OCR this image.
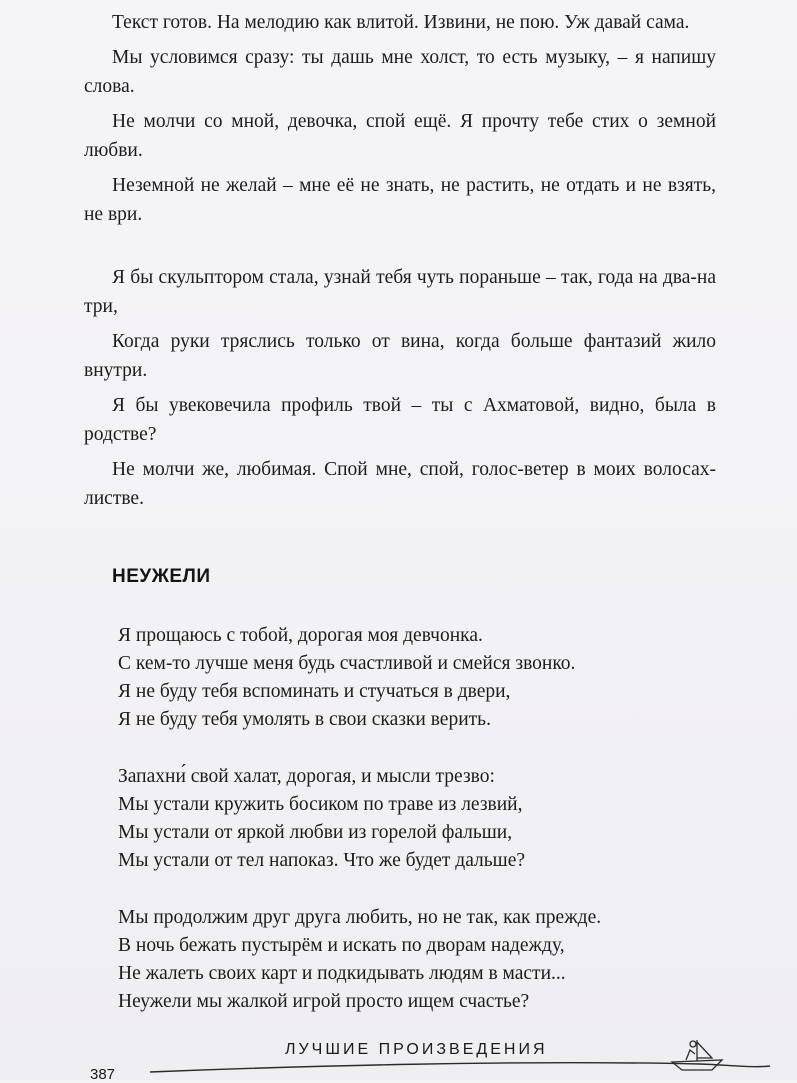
Текст готов. На мелодию как влитой. Извини, не пою. Уж давай сама.

Мы условимся сразу: ты дашь мне холст, то есть музыку, – я напишу слова.

Не молчи со мной, девочка, спой ещё. Я прочту тебе стих о земной любви.

Неземной не желай – мне её не знать, не растить, не отдать и не взять, не ври.

Я бы скульптором стала, узнай тебя чуть пораньше – так, года на два-на три,

Когда руки тряслись только от вина, когда больше фантазий жило внутри.

Я бы увековечила профиль твой – ты с Ахматовой, видно, была в родстве?

Не молчи же, любимая. Спой мне, спой, голос-ветер в моих волосах-листве.

НЕУЖЕЛИ
Я прощаюсь с тобой, дорогая моя девчонка.
С кем-то лучше меня будь счастливой и смейся звонко.
Я не буду тебя вспоминать и стучаться в двери,
Я не буду тебя умолять в свои сказки верить.
Запахни́ свой халат, дорогая, и мысли трезво:
Мы устали кружить босиком по траве из лезвий,
Мы устали от яркой любви из горелой фальши,
Мы устали от тел напоказ. Что же будет дальше?
Мы продолжим друг друга любить, но не так, как прежде.
В ночь бежать пустырём и искать по дворам надежду,
Не жалеть своих карт и подкидывать людям в масти...
Неужели мы жалкой игрой просто ищем счастье?
ЛУЧШИЕ ПРОИЗВЕДЕНИЯ
387
